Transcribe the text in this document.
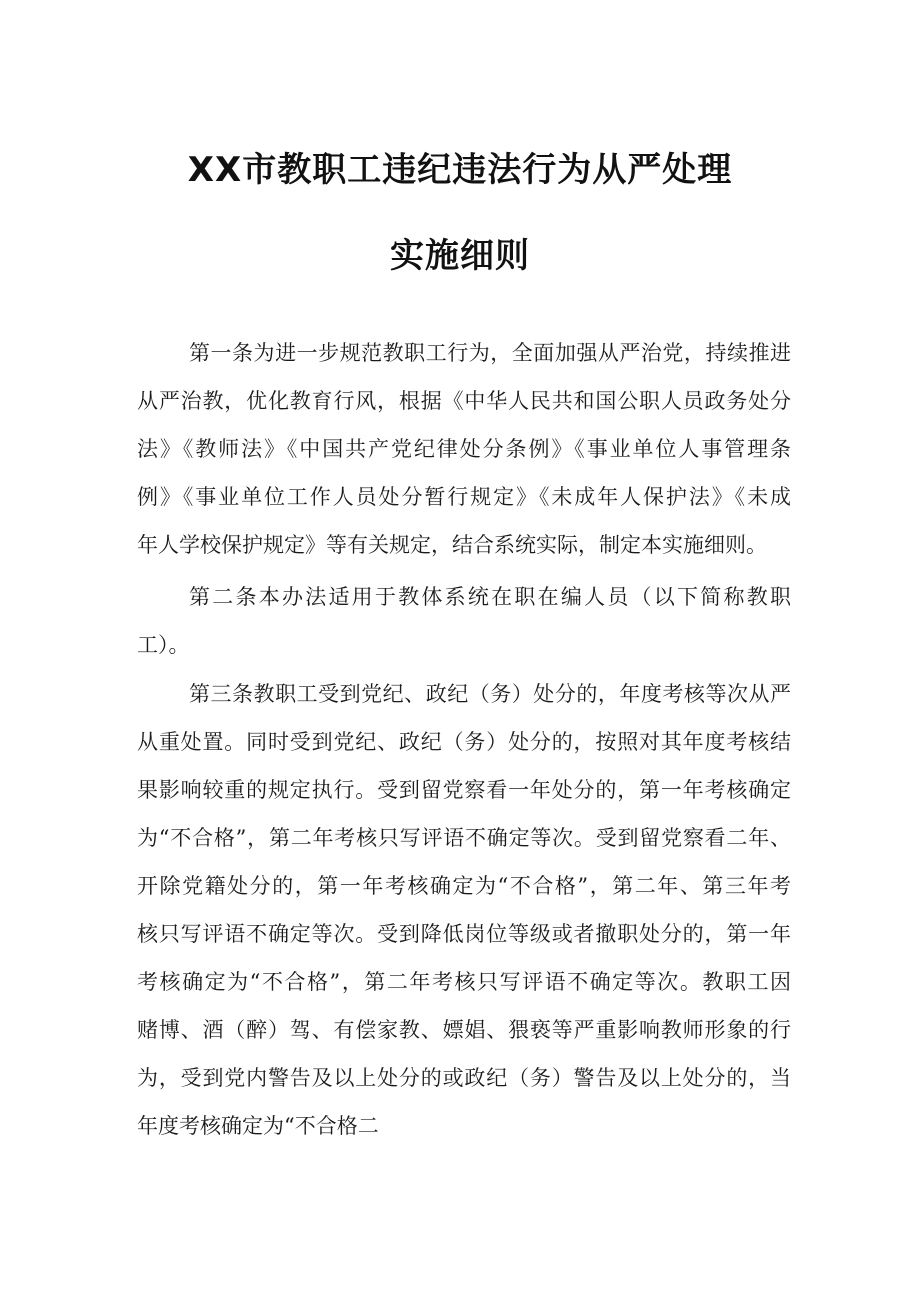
XX市教职工违纪违法行为从严处理
实施细则
第一条为进一步规范教职工行为，全面加强从严治党，持续推进
从严治教，优化教育行风，根据《中华人民共和国公职人员政务处分
法》《教师法》《中国共产党纪律处分条例》《事业单位人事管理条
例》《事业单位工作人员处分暂行规定》《未成年人保护法》《未成
年人学校保护规定》等有关规定，结合系统实际，制定本实施细则。
第二条本办法适用于教体系统在职在编人员（以下简称教职
工）。
第三条教职工受到党纪、政纪（务）处分的，年度考核等次从严
从重处置。同时受到党纪、政纪（务）处分的，按照对其年度考核结
果影响较重的规定执行。受到留党察看一年处分的，第一年考核确定
为“不合格”，第二年考核只写评语不确定等次。受到留党察看二年、
开除党籍处分的，第一年考核确定为“不合格”，第二年、第三年考
核只写评语不确定等次。受到降低岗位等级或者撤职处分的，第一年
考核确定为“不合格”，第二年考核只写评语不确定等次。教职工因
赌博、酒（醉）驾、有偿家教、嫖娼、猥亵等严重影响教师形象的行
为，受到党内警告及以上处分的或政纪（务）警告及以上处分的，当
年度考核确定为“不合格二
